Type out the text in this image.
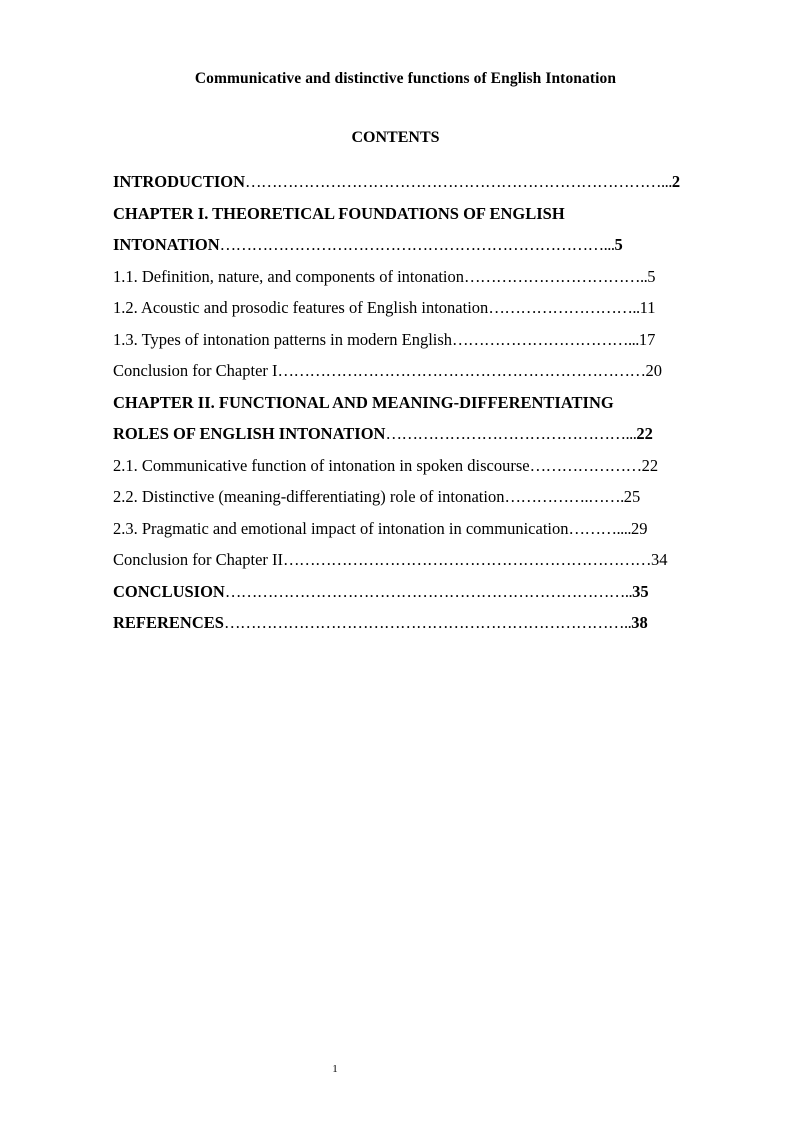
Communicative and distinctive functions of English Intonation
CONTENTS
INTRODUCTION……………………………………………………………………...2
CHAPTER I. THEORETICAL FOUNDATIONS OF ENGLISH
INTONATION………………………………………………………………...5
1.1. Definition, nature, and components of intonation……………………………..5
1.2. Acoustic and prosodic features of English intonation………………………..11
1.3. Types of intonation patterns in modern English……………………………...17
Conclusion for Chapter I……………………………………………………………20
CHAPTER II. FUNCTIONAL AND MEANING-DIFFERENTIATING
ROLES OF ENGLISH INTONATION………………………………………...22
2.1. Communicative function of intonation in spoken discourse…………………22
2.2. Distinctive (meaning-differentiating) role of intonation…………….…….25
2.3. Pragmatic and emotional impact of intonation in communication………....29
Conclusion for Chapter II……………………………………………………………34
CONCLUSION…………………………………………………………………..35
REFERENCES…………………………………………………………………..38
1
